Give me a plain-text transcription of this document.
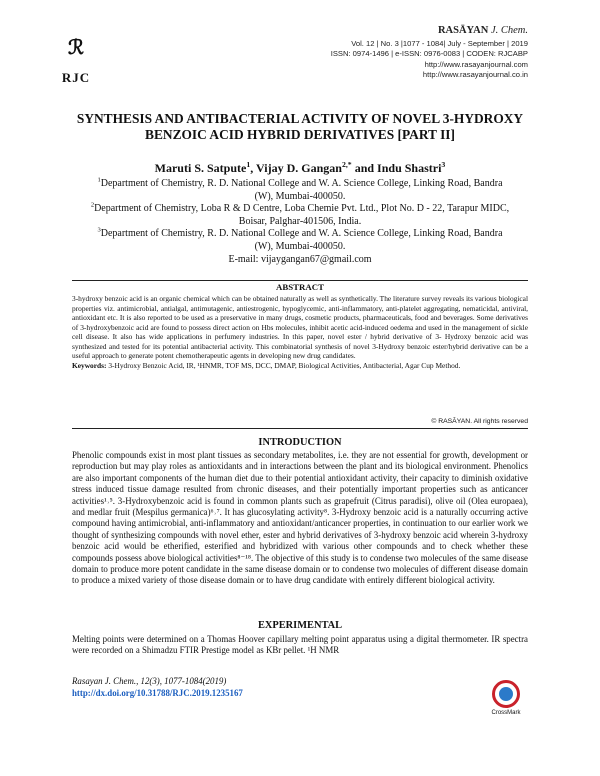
ℛ
RJC
RASĀYAN J. Chem.
Vol. 12 | No. 3 |1077 - 1084| July - September | 2019
ISSN: 0974-1496 | e-ISSN: 0976-0083 | CODEN: RJCABP
http://www.rasayanjournal.com
http://www.rasayanjournal.co.in
SYNTHESIS AND ANTIBACTERIAL ACTIVITY OF NOVEL 3-HYDROXY BENZOIC ACID HYBRID DERIVATIVES [PART II]
Maruti S. Satpute$^1$, Vijay D. Gangan$^{2,*}$ and Indu Shastri$^3$
$^1$Department of Chemistry, R. D. National College and W. A. Science College, Linking Road, Bandra (W), Mumbai-400050.
$^2$Department of Chemistry, Loba R & D Centre, Loba Chemie Pvt. Ltd., Plot No. D - 22, Tarapur MIDC, Boisar, Palghar-401506, India.
$^3$Department of Chemistry, R. D. National College and W. A. Science College, Linking Road, Bandra (W), Mumbai-400050.
E-mail: vijaygangan67@gmail.com
ABSTRACT
3-hydroxy benzoic acid is an organic chemical which can be obtained naturally as well as synthetically. The literature survey reveals its various biological properties viz. antimicrobial, antialgal, antimutagenic, antiestrogenic, hypoglycemic, anti-inflammatory, anti-platelet aggregating, nematicidal, antiviral, antioxidant etc. It is also reported to be used as a preservative in many drugs, cosmetic products, pharmaceuticals, food and beverages. Some derivatives of 3-hydroxybenzoic acid are found to possess direct action on Hbs molecules, inhibit acetic acid-induced oedema and used in the management of sickle cell disease. It also has wide applications in perfumery industries. In this paper, novel ester / hybrid derivative of 3- Hydroxy benzoic acid was synthesized and tested for its potential antibacterial activity. This combinatorial synthesis of novel 3-Hydroxy benzoic ester/hybrid derivative can be a useful approach to generate potent chemotherapeutic agents in developing new drug candidates.
Keywords: 3-Hydroxy Benzoic Acid, IR, ¹HNMR, TOF MS, DCC, DMAP, Biological Activities, Antibacterial, Agar Cup Method.
© RASĀYAN. All rights reserved
INTRODUCTION
Phenolic compounds exist in most plant tissues as secondary metabolites, i.e. they are not essential for growth, development or reproduction but may play roles as antioxidants and in interactions between the plant and its biological environment. Phenolics are also important components of the human diet due to their potential antioxidant activity, their capacity to diminish oxidative stress induced tissue damage resulted from chronic diseases, and their potentially important properties such as anticancer activities¹˒⁵. 3-Hydroxybenzoic acid is found in common plants such as grapefruit (Citrus paradisi), olive oil (Olea europaea), and medlar fruit (Mespilus germanica)⁶˒⁷. It has glucosylating activity⁸. 3-Hydroxy benzoic acid is a naturally occurring active compound having antimicrobial, anti-inflammatory and antioxidant/anticancer properties, in continuation to our earlier work we thought of synthesizing compounds with novel ether, ester and hybrid derivatives of 3-hydroxy benzoic acid wherein 3-hydroxy benzoic acid would be etherified, esterified and hybridized with various other compounds and to check whether these compounds possess above biological activities⁸⁻¹⁸. The objective of this study is to condense two molecules of the same disease domain to produce more potent candidate in the same disease domain or to condense two molecules of different disease domain to produce a mixed variety of those disease domain or to have drug candidate with entirely different biological activity.
EXPERIMENTAL
Melting points were determined on a Thomas Hoover capillary melting point apparatus using a digital thermometer. IR spectra were recorded on a Shimadzu FTIR Prestige model as KBr pellet. ¹H NMR
Rasayan J. Chem., 12(3), 1077-1084(2019)
http://dx.doi.org/10.31788/RJC.2019.1235167
CrossMark
